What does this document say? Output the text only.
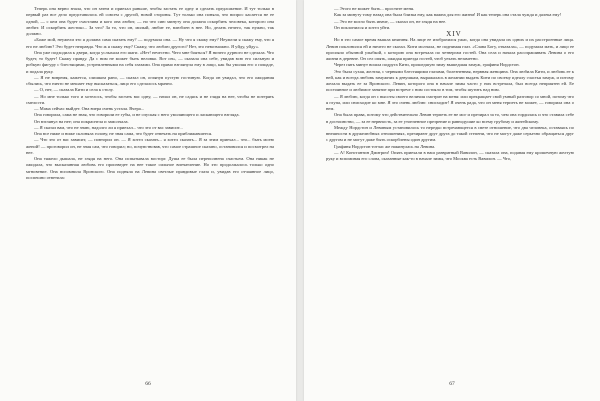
Теперь она верно знала, что он затем и приехал раньше, чтобы застать ее одну и сделать предложение. И тут только в первый раз все дело представилось ей совсем с другой, новой стороны. Тут только она поняла, что вопрос касается не ее одной, — с кем она будет счастлива и кого она любит, — но что сию минуту она должна оскорбить человека, которого она любит. И оскорбить жестоко... За что? За то, что он, милый, любит ее, влюблен в нее. Но, делать нечего, так нужно, так должно.

«Боже мой, неужели это я должна сама сказать ему? — подумала она. — Ну что я скажу ему? Неужели я скажу ему, что я его не люблю? Это будет неправда. Что ж я скажу ему? Скажу, что люблю другого? Нет, это невозможно. Я уйду, уйду».

Она уже подходила к двери, когда услыхала его шаги. «Нет! нечестно. Чего мне бояться? Я ничего дурного не сделала. Что будет, то будет! Скажу правду. Да с ним не может быть неловко. Вот он», — сказала она себе, увидав всю его сильную и робкую фигуру с блестящими, устремленными на себя глазами. Она прямо взглянула ему в лицо, как бы умоляя его о пощаде, и подала руку.

— Я не вовремя, кажется, слишком рано, — сказал он, оглянув пустую гостиную. Когда он увидал, что его ожидания сбылись, что ничто не мешает ему высказаться, лицо его сделалось мрачно.

— О, нет, — сказала Кити и села к столу.

— Но мне только того и хотелось, чтобы застать вас одну, — начал он, не садясь и не глядя на нее, чтобы не потерять смелости.

— Мама сейчас выйдет. Она вчера очень устала. Вчера...

Она говорила, сама не зная, что говорили ее губы, и не спуская с него умоляющего и ласкающего взгляда.

Он взглянул на нее; она покраснела и замолчала.

— Я сказал вам, что не знаю, надолго ли я приехал... что это от вас зависит...

Она все ниже и ниже склоняла голову, не зная сама, что будет отвечать на приближавшееся.

— Что это от вас зависит, — повторил он. — Я хотел сказать... я хотел сказать... Я за этим приехал... что... быть моею женой! — проговорил он, не зная сам, что говорил; но, почувствовав, что самое страшное сказано, остановился и посмотрел на нее.

Она тяжело дышала, не глядя на него. Она испытывала восторг. Душа ее была переполнена счастьем. Она никак не ожидала, что высказанная любовь его произведет на нее такое сильное впечатление. Но это продолжалось только одно мгновение. Она вспомнила Вронского. Она подняла на Левина светлые правдивые глаза и, увидав его отчаянное лицо, поспешно ответила:

66

— Этого не может быть... простите меня.

Как за минуту тому назад она была близка ему, как важна для его жизни! И как теперь она стала чужда и далека ему!

— Это не могло быть иначе, — сказал он, не глядя на нее.

Он поклонился и хотел уйти.

XIV

Но в это самое время вышла княгиня. На лице ее изобразился ужас, когда она увидала их одних и их расстроенные лица. Левин поклонился ей и ничего не сказал. Кити молчала, не поднимая глаз. «Слава Богу, отказала», — подумала мать, и лицо ее просияло обычной улыбкой, с которою она встречала по четвергам гостей. Она села и начала расспрашивать Левина о его жизни в деревне. Он сел опять, ожидая приезда гостей, чтоб уехать незаметно.

Через пять минут вошла подруга Кити, прошедшую зиму вышедшая замуж, графиня Нордстон.

Это была сухая, желтая, с черными блестящими глазами, болезненная, нервная женщина. Она любила Кити, и любовь ее к ней, как и всегда любовь замужних к девушкам, выражалась в желании выдать Кити по своему идеалу счастья замуж, и потому желала выдать ее за Вронского. Левин, которого она в начале зимы часто у них встречала, был всегда неприятен ей. Ее постоянное и любимое занятие при встрече с ним состояло в том, чтобы шутить над ним.

— Я люблю, когда он с высоты своего величия смотрит на меня: или прекращает свой умный разговор со мной, потому что я глупа, или снисходит ко мне. Я это очень люблю: снисходит! Я очень рада, что он меня терпеть не может, — говорила она о нем.

Она была права, потому что действительно Левин терпеть ее не мог и презирал за то, чем она гордилась и что ставила себе в достоинство, — за ее нервность, за ее утонченное презрение и равнодушие ко всему грубому и житейскому.

Между Нордстон и Левиным установилось то нередко встречающееся в свете отношение, что два человека, оставаясь по внешности в дружелюбных отношениях, презирают друг друга до такой степени, что не могут даже серьезно обращаться друг с другом и не могут даже быть оскорблены один другим.

Графиня Нордстон тотчас же накинулась на Левина.

— А! Константин Дмитрич! Опять приехали в наш развратный Вавилон, — сказала она, подавая ему крошечную желтую руку и вспоминая его слова, сказанные как-то в начале зимы, что Москва есть Вавилон. — Что,

67
